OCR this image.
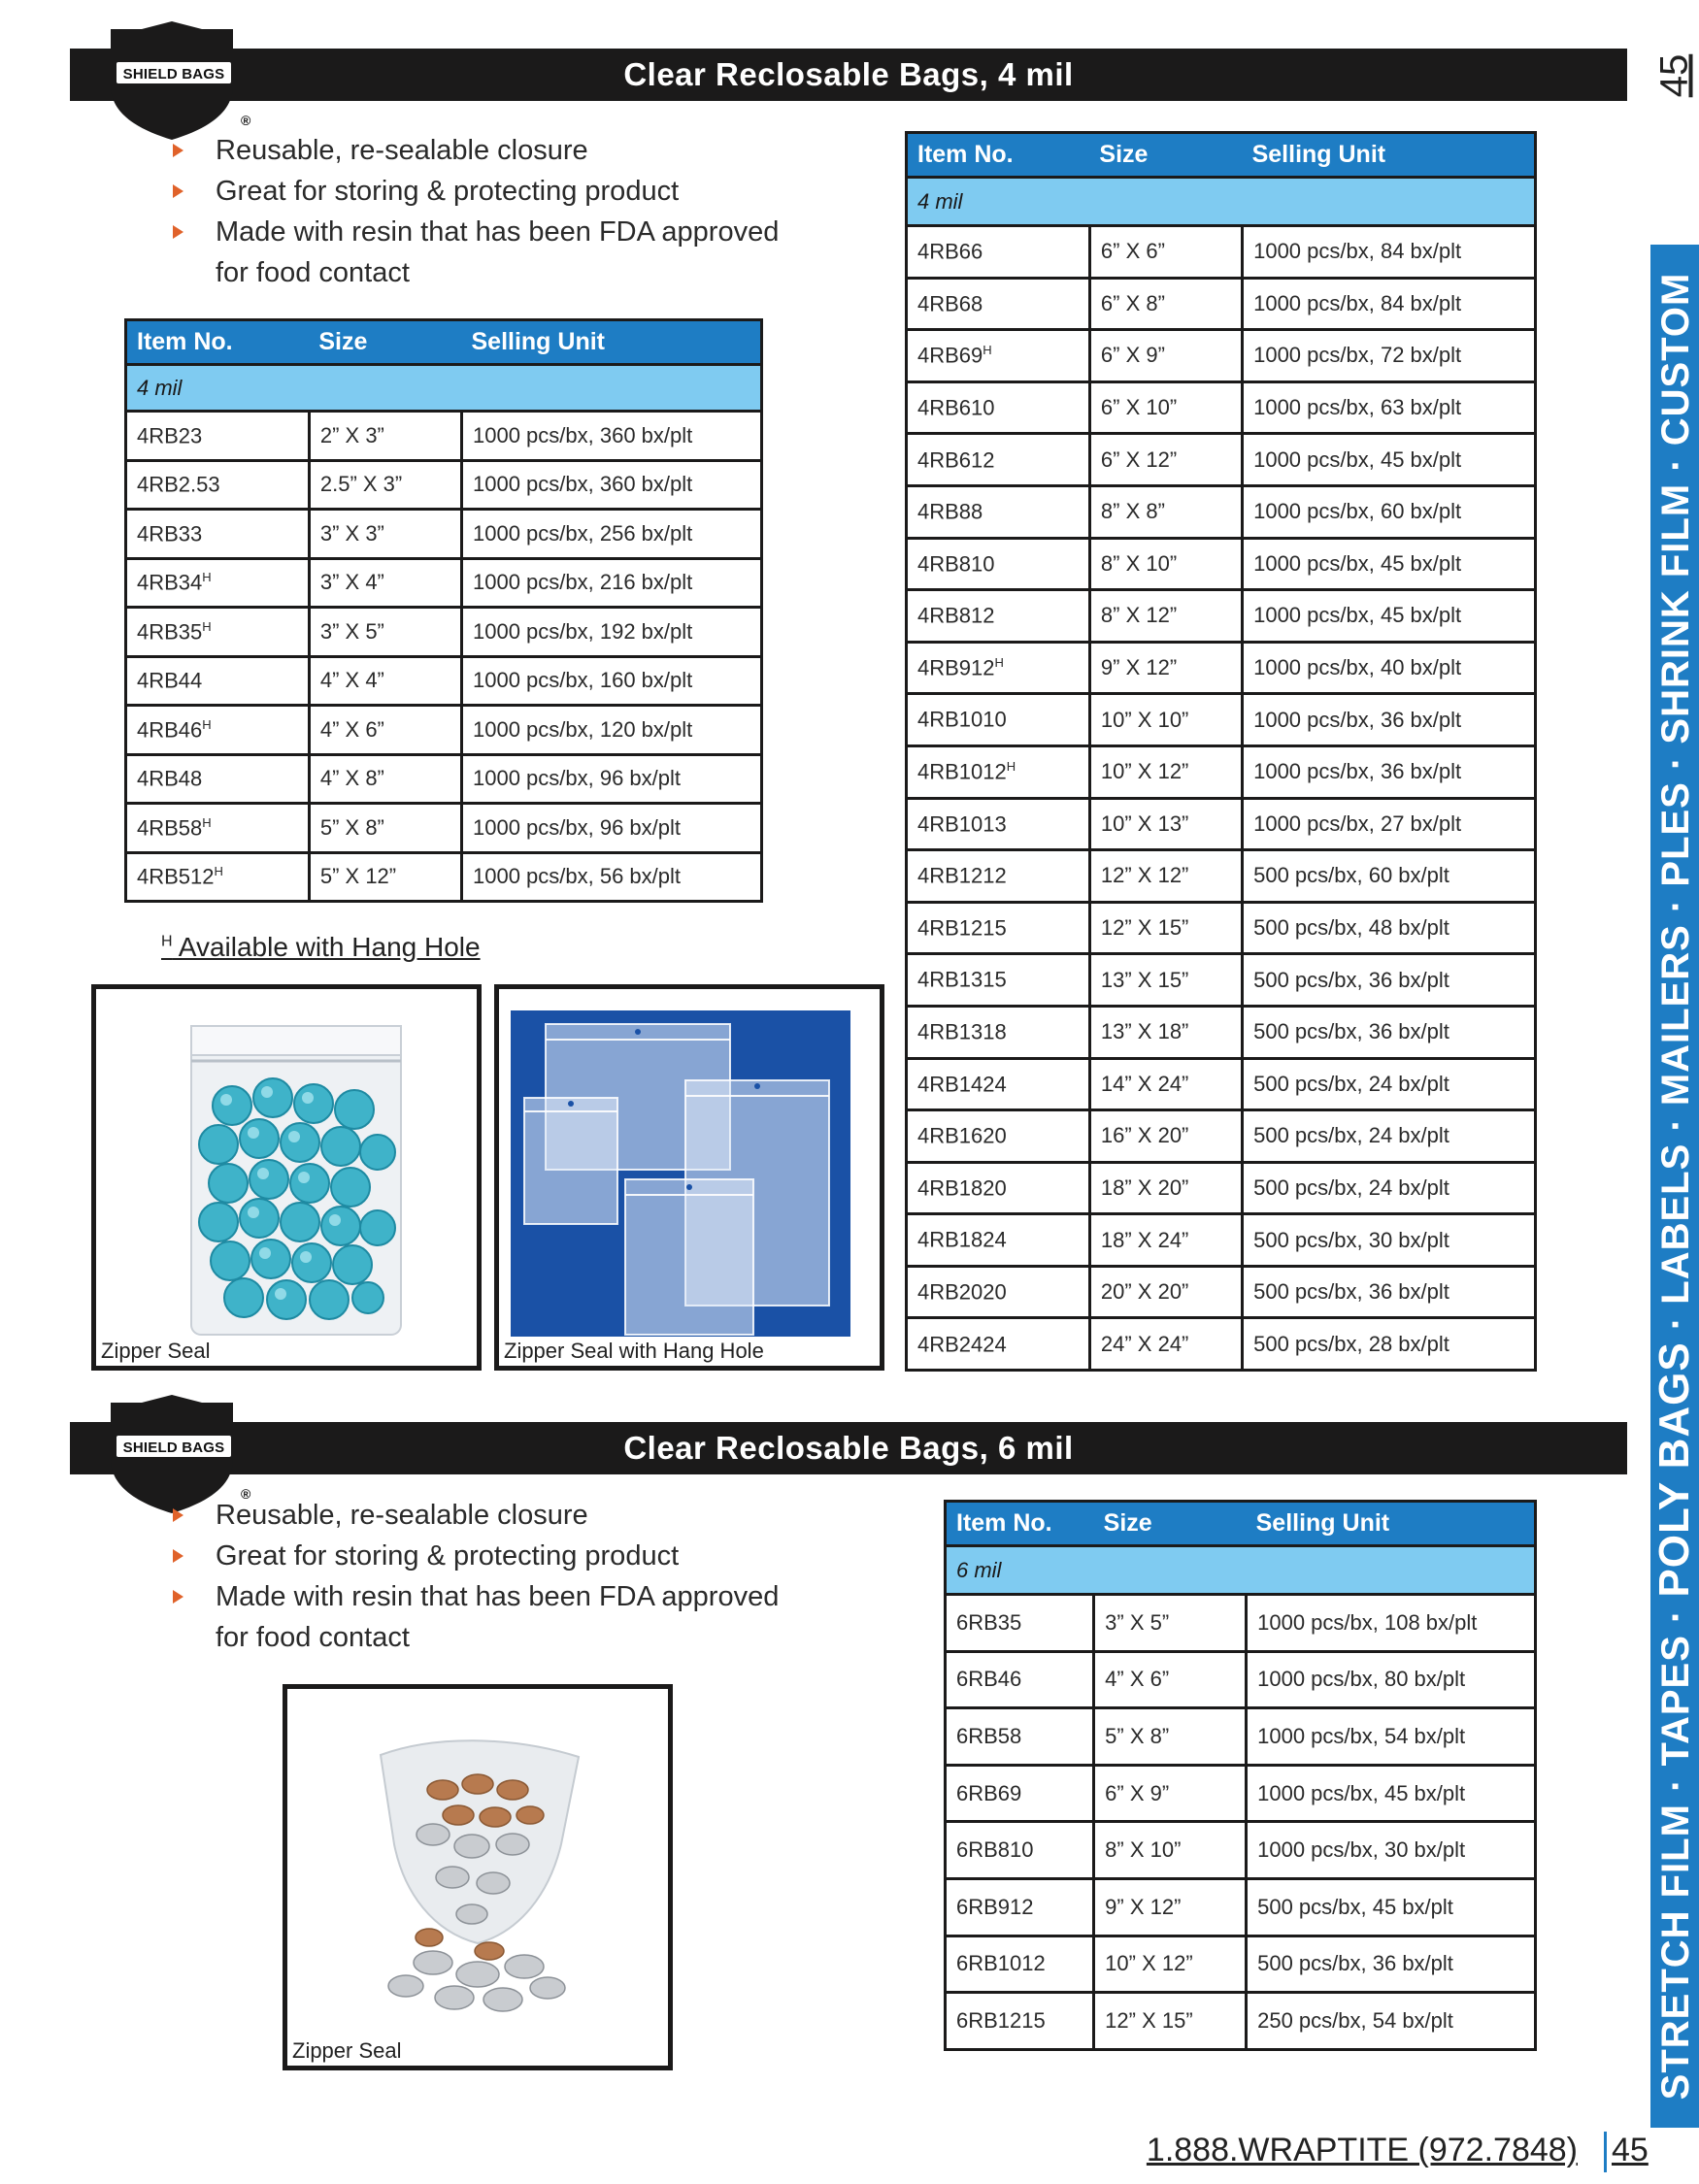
45
Clear Reclosable Bags, 4 mil
SHIELD BAGS
®
Reusable, re-sealable closure
Great for storing & protecting product
Made with resin that has been FDA approved
for food contact
Item No.	Size	Selling Unit
4 mil		
4RB23	2” X 3”	1000 pcs/bx, 360 bx/plt
4RB2.53	2.5” X 3”	1000 pcs/bx, 360 bx/plt
4RB33	3” X 3”	1000 pcs/bx, 256 bx/plt
$4RB34^H$	3” X 4”	1000 pcs/bx, 216 bx/plt
$4RB35^H$	3” X 5”	1000 pcs/bx, 192 bx/plt
4RB44	4” X 4”	1000 pcs/bx, 160 bx/plt
$4RB46^H$	4” X 6”	1000 pcs/bx, 120 bx/plt
4RB48	4” X 8”	1000 pcs/bx, 96 bx/plt
$4RB58^H$	5” X 8”	1000 pcs/bx, 96 bx/plt
$4RB512^H$	5” X 12”	1000 pcs/bx, 56 bx/plt
$^H$ Available with Hang Hole
Zipper Seal	Zipper Seal with Hang Hole
Item No.	Size	Selling Unit
4 mil		
4RB66	6” X 6”	1000 pcs/bx, 84 bx/plt
4RB68	6” X 8”	1000 pcs/bx, 84 bx/plt
$4RB69^H$	6” X 9”	1000 pcs/bx, 72 bx/plt
4RB610	6” X 10”	1000 pcs/bx, 63 bx/plt
4RB612	6” X 12”	1000 pcs/bx, 45 bx/plt
4RB88	8” X 8”	1000 pcs/bx, 60 bx/plt
4RB810	8” X 10”	1000 pcs/bx, 45 bx/plt
4RB812	8” X 12”	1000 pcs/bx, 45 bx/plt
$4RB912^H$	9” X 12”	1000 pcs/bx, 40 bx/plt
4RB1010	10” X 10”	1000 pcs/bx, 36 bx/plt
$4RB1012^H$	10” X 12”	1000 pcs/bx, 36 bx/plt
4RB1013	10” X 13”	1000 pcs/bx, 27 bx/plt
4RB1212	12” X 12”	500 pcs/bx, 60 bx/plt
4RB1215	12” X 15”	500 pcs/bx, 48 bx/plt
4RB1315	13” X 15”	500 pcs/bx, 36 bx/plt
4RB1318	13” X 18”	500 pcs/bx, 36 bx/plt
4RB1424	14” X 24”	500 pcs/bx, 24 bx/plt
4RB1620	16” X 20”	500 pcs/bx, 24 bx/plt
4RB1820	18” X 20”	500 pcs/bx, 24 bx/plt
4RB1824	18” X 24”	500 pcs/bx, 30 bx/plt
4RB2020	20” X 20”	500 pcs/bx, 36 bx/plt
4RB2424	24” X 24”	500 pcs/bx, 28 bx/plt
Clear Reclosable Bags, 6 mil
SHIELD BAGS
®
Reusable, re-sealable closure
Great for storing & protecting product
Made with resin that has been FDA approved
for food contact
Zipper Seal
Item No.	Size	Selling Unit
6 mil		
6RB35	3” X 5”	1000 pcs/bx, 108 bx/plt
6RB46	4” X 6”	1000 pcs/bx, 80 bx/plt
6RB58	5” X 8”	1000 pcs/bx, 54 bx/plt
6RB69	6” X 9”	1000 pcs/bx, 45 bx/plt
6RB810	8” X 10”	1000 pcs/bx, 30 bx/plt
6RB912	9” X 12”	500 pcs/bx, 45 bx/plt
6RB1012	10” X 12”	500 pcs/bx, 36 bx/plt
6RB1215	12” X 15”	250 pcs/bx, 54 bx/plt	STRETCH FILM · TAPES · POLY BAGS · LABELS · MAILERS · PLES · SHRINK FILM · CUSTOM
1.888.WRAPTITE (972.7848) 45
